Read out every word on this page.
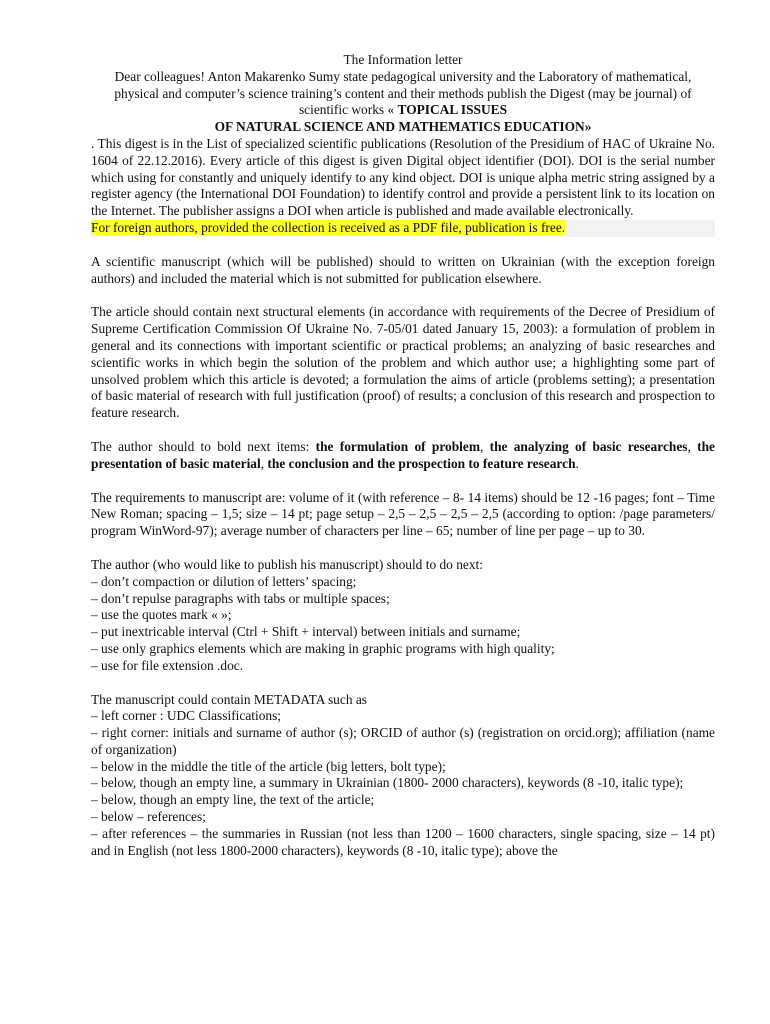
The Information letter

Dear colleagues! Anton Makarenko Sumy state pedagogical university and the Laboratory of mathematical, physical and computer’s science training’s content and their methods publish the Digest (may be journal) of scientific works « TOPICAL ISSUES

OF NATURAL SCIENCE AND MATHEMATICS EDUCATION»

. This digest is in the List of specialized scientific publications (Resolution of the Presidium of HAC of Ukraine No. 1604 of 22.12.2016). Every article of this digest is given Digital object identifier (DOI). DOI is the serial number which using for constantly and uniquely identify to any kind object. DOI is unique alpha metric string assigned by a register agency (the International DOI Foundation) to identify control and provide a persistent link to its location on the Internet. The publisher assigns a DOI when article is published and made available electronically.

For foreign authors, provided the collection is received as a PDF file, publication is free.

A scientific manuscript (which will be published) should to written on Ukrainian (with the exception foreign authors) and included the material which is not submitted for publication elsewhere.

The article should contain next structural elements (in accordance with requirements of the Decree of Presidium of Supreme Certification Commission Of Ukraine No. 7-05/01 dated January 15, 2003): a formulation of problem in general and its connections with important scientific or practical problems; an analyzing of basic researches and scientific works in which begin the solution of the problem and which author use; a highlighting some part of unsolved problem which this article is devoted; a formulation the aims of article (problems setting); a presentation of basic material of research with full justification (proof) of results; a conclusion of this research and prospection to feature research.

The author should to bold next items: the formulation of problem, the analyzing of basic researches, the presentation of basic material, the conclusion and the prospection to feature research.

The requirements to manuscript are: volume of it (with reference – 8- 14 items) should be 12 -16 pages; font – Time New Roman; spacing – 1,5; size – 14 pt; page setup – 2,5 – 2,5 – 2,5 – 2,5 (according to option: /page parameters/ program WinWord-97); average number of characters per line – 65; number of line per page – up to 30.

The author (who would like to publish his manuscript) should to do next:

– don’t compaction or dilution of letters’ spacing;

– don’t repulse paragraphs with tabs or multiple spaces;

– use the quotes mark « »;

– put inextricable interval (Ctrl + Shift + interval) between initials and surname;

– use only graphics elements which are making in graphic programs with high quality;

– use for file extension .doc.

The manuscript could contain METADATA such as

– left corner : UDC Classifications;

– right corner: initials and surname of author (s); ORCID of author (s) (registration on orcid.org); affiliation (name of organization)

– below in the middle the title of the article (big letters, bolt type);

– below, though an empty line, a summary in Ukrainian (1800- 2000 characters), keywords (8 -10, italic type);

– below, though an empty line, the text of the article;

– below – references;

– after references – the summaries in Russian (not less than 1200 – 1600 characters, single spacing, size – 14 pt) and in English (not less 1800-2000 characters), keywords (8 -10, italic type); above the
